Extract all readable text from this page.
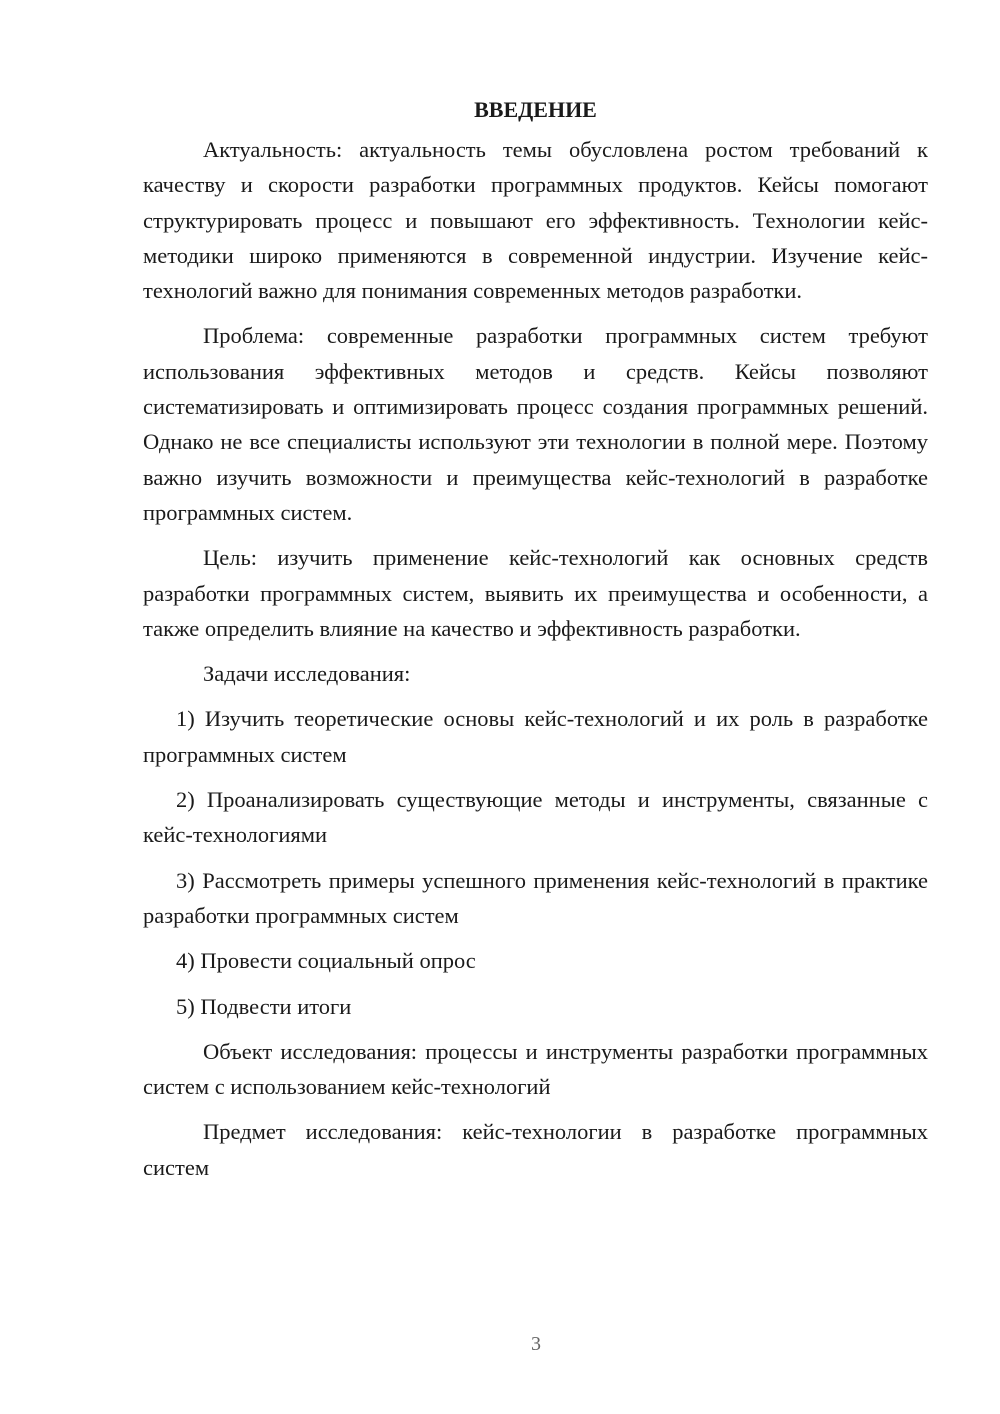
ВВЕДЕНИЕ

Актуальность: актуальность темы обусловлена ростом требований к качеству и скорости разработки программных продуктов. Кейсы помогают структурировать процесс и повышают его эффективность. Технологии кейс-методики широко применяются в современной индустрии. Изучение кейс-технологий важно для понимания современных методов разработки.

Проблема: современные разработки программных систем требуют использования эффективных методов и средств. Кейсы позволяют систематизировать и оптимизировать процесс создания программных решений. Однако не все специалисты используют эти технологии в полной мере. Поэтому важно изучить возможности и преимущества кейс-технологий в разработке программных систем.

Цель: изучить применение кейс-технологий как основных средств разработки программных систем, выявить их преимущества и особенности, а также определить влияние на качество и эффективность разработки.

Задачи исследования:

1) Изучить теоретические основы кейс-технологий и их роль в разработке программных систем

2) Проанализировать существующие методы и инструменты, связанные с кейс-технологиями

3) Рассмотреть примеры успешного применения кейс-технологий в практике разработки программных систем

4) Провести социальный опрос

5) Подвести итоги

Объект исследования: процессы и инструменты разработки программных систем с использованием кейс-технологий

Предмет исследования: кейс-технологии в разработке программных систем

3
